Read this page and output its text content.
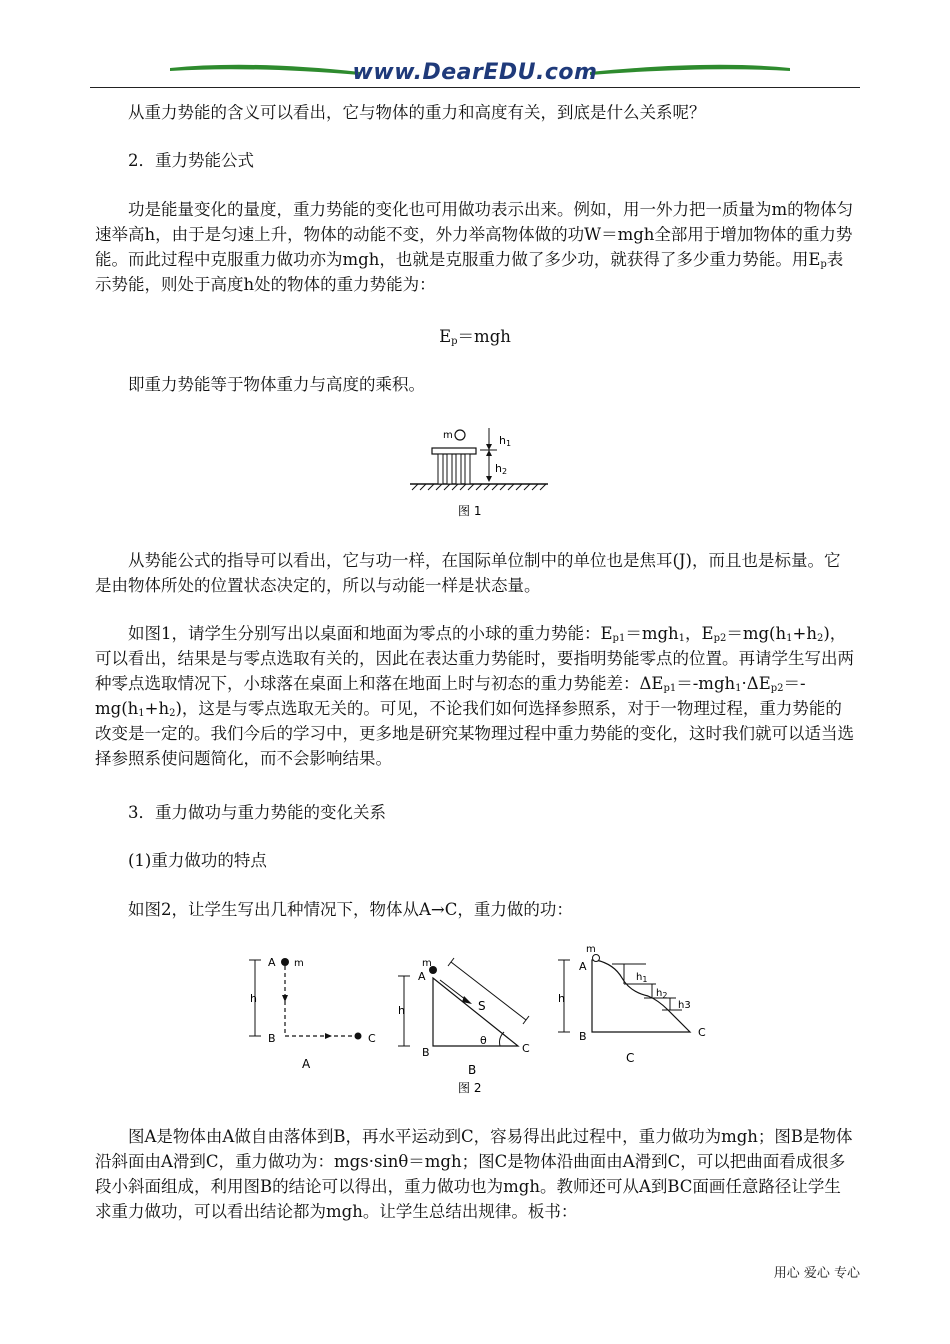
www.DearEDU.com

从重力势能的含义可以看出，它与物体的重力和高度有关，到底是什么关系呢？

2．重力势能公式

功是能量变化的量度，重力势能的变化也可用做功表示出来。例如，用一外力把一质量为m的物体匀速举高h，由于是匀速上升，物体的动能不变，外力举高物体做的功W＝mgh全部用于增加物体的重力势能。而此过程中克服重力做功亦为mgh，也就是克服重力做了多少功，就获得了多少重力势能。用$E_p$表示势能，则处于高度h处的物体的重力势能为：

$E_p=mgh$

即重力势能等于物体重力与高度的乘积。

m	h1
h2
图 1

从势能公式的指导可以看出，它与功一样，在国际单位制中的单位也是焦耳(J)，而且也是标量。它是由物体所处的位置状态决定的，所以与动能一样是状态量。

如图1，请学生分别写出以桌面和地面为零点的小球的重力势能：$E_{p1}=mgh_1$，$E_{p2}=mg(h_1+h_2)$，可以看出，结果是与零点选取有关的，因此在表达重力势能时，要指明势能零点的位置。再请学生写出两种零点选取情况下，小球落在桌面上和落在地面上时与初态的重力势能差：$\Delta E_{p1}=-mgh_1\cdot\Delta E_{p2}=-mg(h_1+h_2)$，这是与零点选取无关的。可见，不论我们如何选择参照系，对于一物理过程，重力势能的改变是一定的。我们今后的学习中，更多地是研究某物理过程中重力势能的变化，这时我们就可以适当选择参照系使问题简化，而不会影响结果。

3．重力做功与重力势能的变化关系

(1)重力做功的特点

如图2，让学生写出几种情况下，物体从A→C，重力做的功：

A m
h
B	C
A
A
m
h	S
θ
B	C
B
A
m
h
$h_1$
$h_2$
h3
B	C
C
图 2

图A是物体由A做自由落体到B，再水平运动到C，容易得出此过程中，重力做功为mgh；图B是物体沿斜面由A滑到C，重力做功为：mgs·sinθ＝mgh；图C是物体沿曲面由A滑到C，可以把曲面看成很多段小斜面组成，利用图B的结论可以得出，重力做功也为mgh。教师还可从A到BC面画任意路径让学生求重力做功，可以看出结论都为mgh。让学生总结出规律。板书：

用心 爱心 专心
